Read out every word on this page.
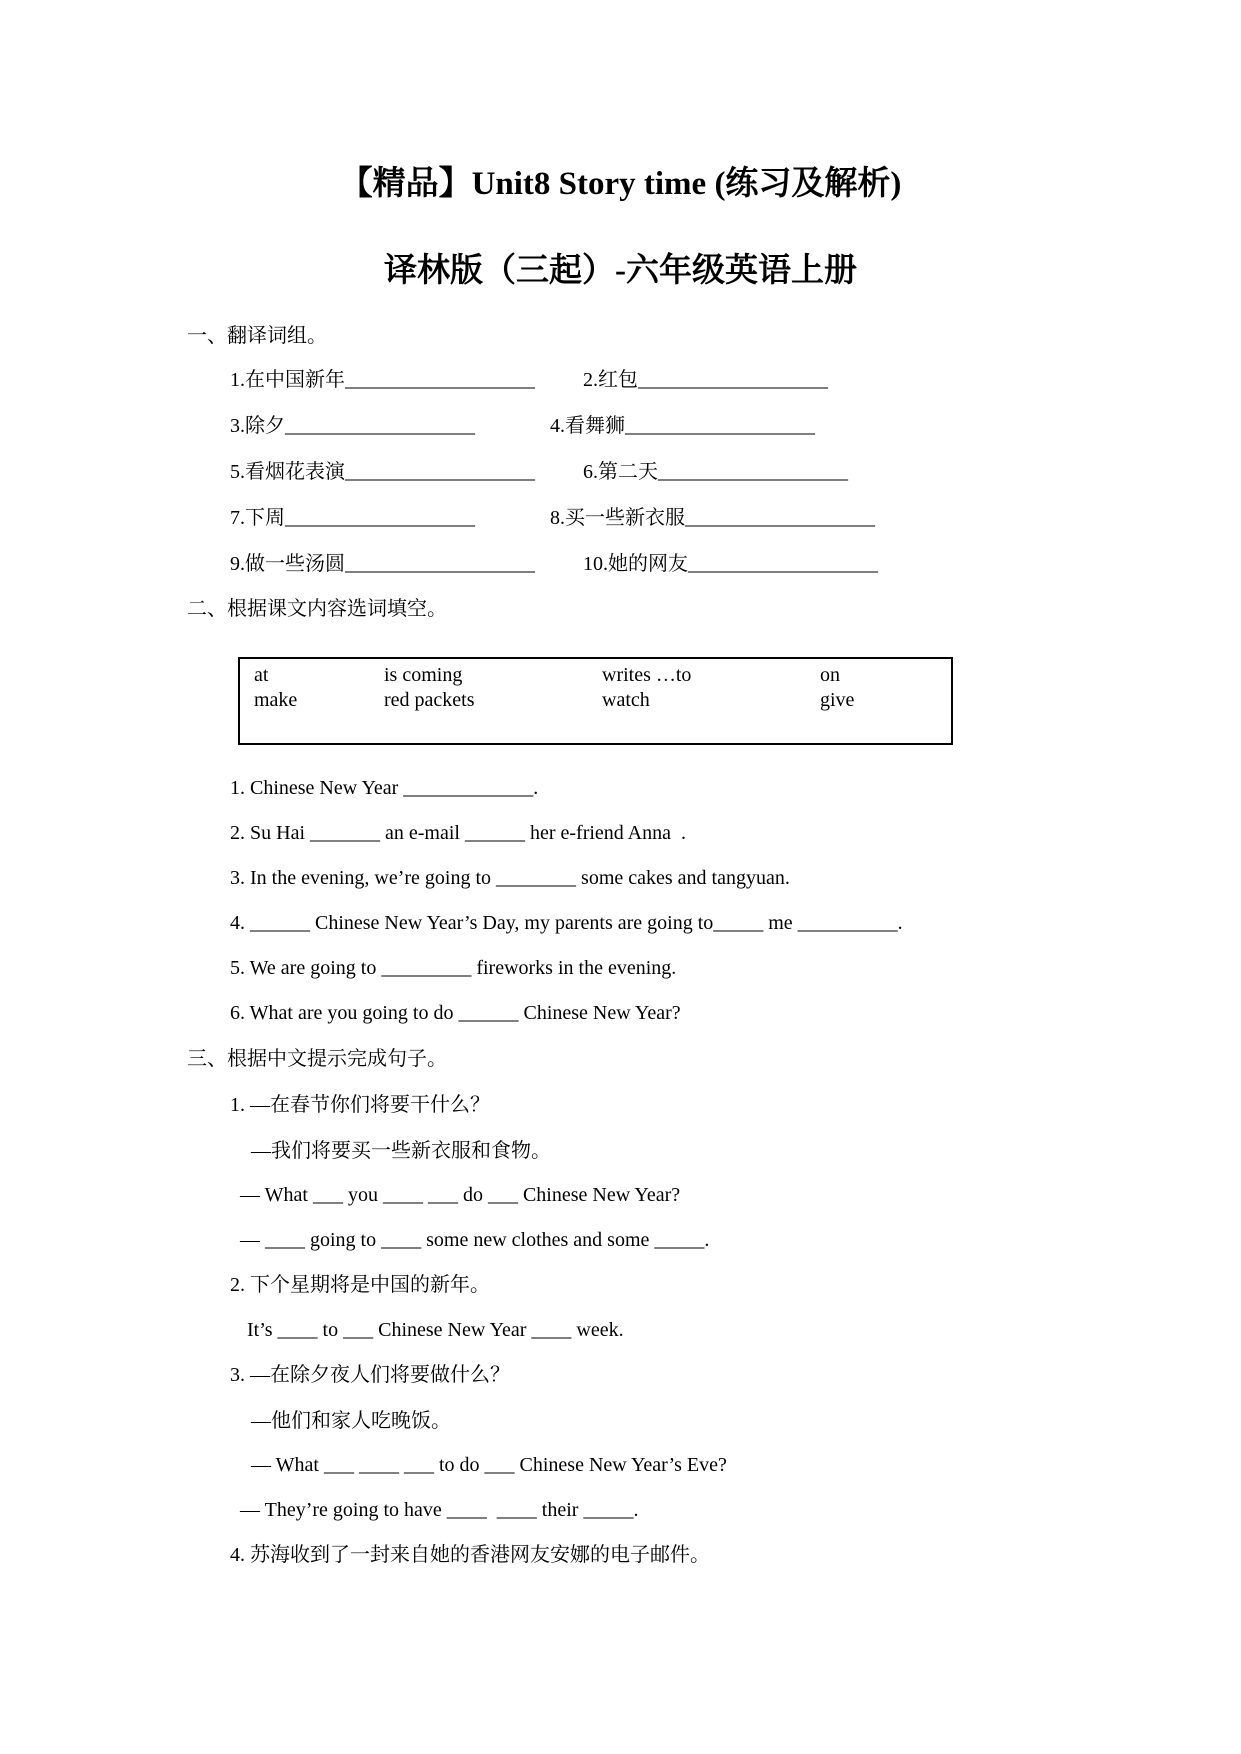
【精品】Unit8 Story time (练习及解析)
译林版（三起）-六年级英语上册
一、翻译词组。
1.在中国新年___________________ 2.红包___________________
3.除夕___________________	4.看舞狮___________________
5.看烟花表演___________________ 6.第二天___________________
7.下周___________________	8.买一些新衣服___________________
9.做一些汤圆___________________ 10.她的网友___________________
二、根据课文内容选词填空。
at	is coming	writes …to	on
make	red packets	watch	give
1. Chinese New Year _____________.
2. Su Hai _______ an e-mail ______ her e-friend Anna  .
3. In the evening, we’re going to ________ some cakes and tangyuan.
4. ______ Chinese New Year’s Day, my parents are going to_____ me __________.
5. We are going to _________ fireworks in the evening.
6. What are you going to do ______ Chinese New Year?
三、根据中文提示完成句子。
1. —在春节你们将要干什么？
—我们将要买一些新衣服和食物。
— What ___ you ____ ___ do ___ Chinese New Year?
— ____ going to ____ some new clothes and some _____.
2. 下个星期将是中国的新年。
It’s ____ to ___ Chinese New Year ____ week.
3. —在除夕夜人们将要做什么？
—他们和家人吃晚饭。
— What ___ ____ ___ to do ___ Chinese New Year’s Eve?
— They’re going to have ____  ____ their _____.
4. 苏海收到了一封来自她的香港网友安娜的电子邮件。
